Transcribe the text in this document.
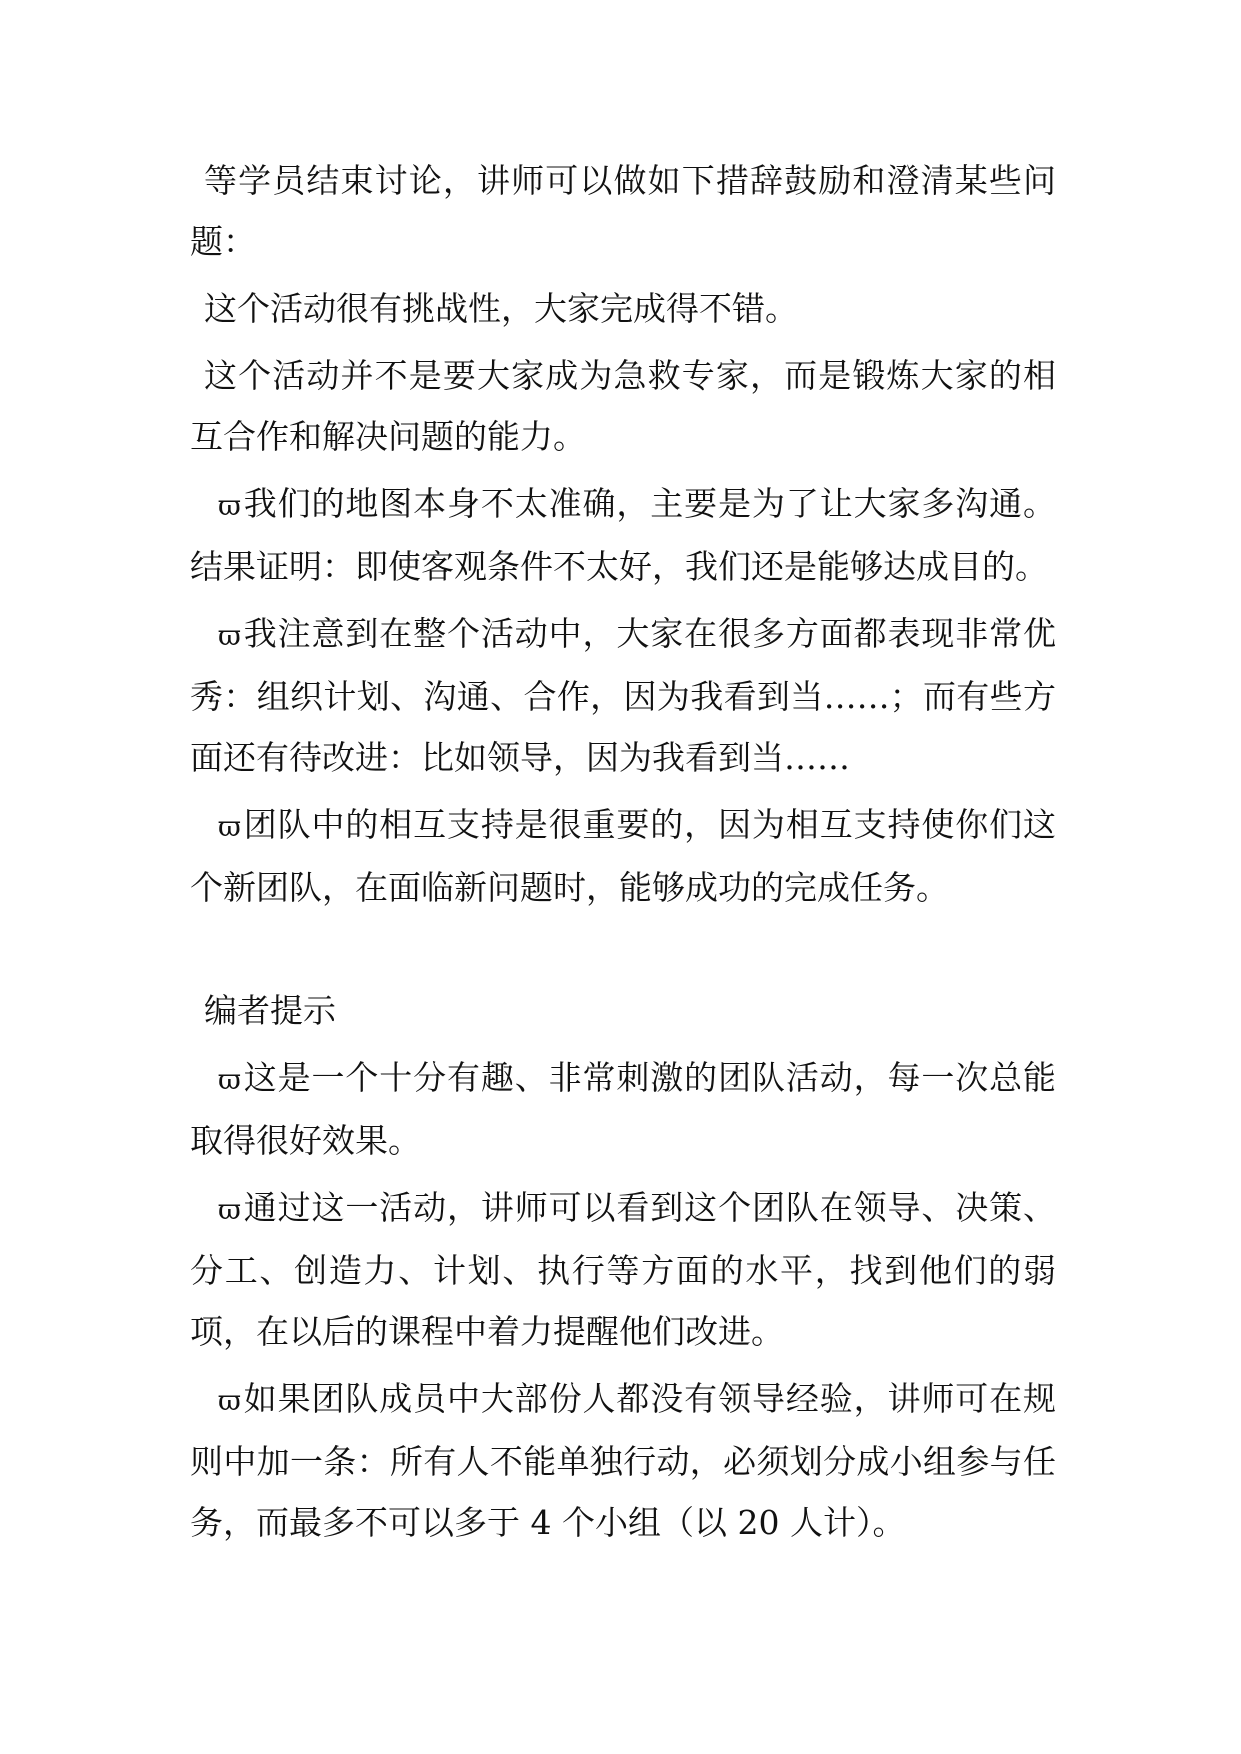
等学员结束讨论，讲师可以做如下措辞鼓励和澄清某些问题：

这个活动很有挑战性，大家完成得不错。

这个活动并不是要大家成为急救专家，而是锻炼大家的相互合作和解决问题的能力。

ϖ我们的地图本身不太准确，主要是为了让大家多沟通。结果证明：即使客观条件不太好，我们还是能够达成目的。

ϖ我注意到在整个活动中，大家在很多方面都表现非常优秀：组织计划、沟通、合作，因为我看到当……；而有些方面还有待改进：比如领导，因为我看到当……

ϖ团队中的相互支持是很重要的，因为相互支持使你们这个新团队，在面临新问题时，能够成功的完成任务。

编者提示

ϖ这是一个十分有趣、非常刺激的团队活动，每一次总能取得很好效果。

ϖ通过这一活动，讲师可以看到这个团队在领导、决策、分工、创造力、计划、执行等方面的水平，找到他们的弱项，在以后的课程中着力提醒他们改进。

ϖ如果团队成员中大部份人都没有领导经验，讲师可在规则中加一条：所有人不能单独行动，必须划分成小组参与任务，而最多不可以多于 4 个小组（以 20 人计）。
